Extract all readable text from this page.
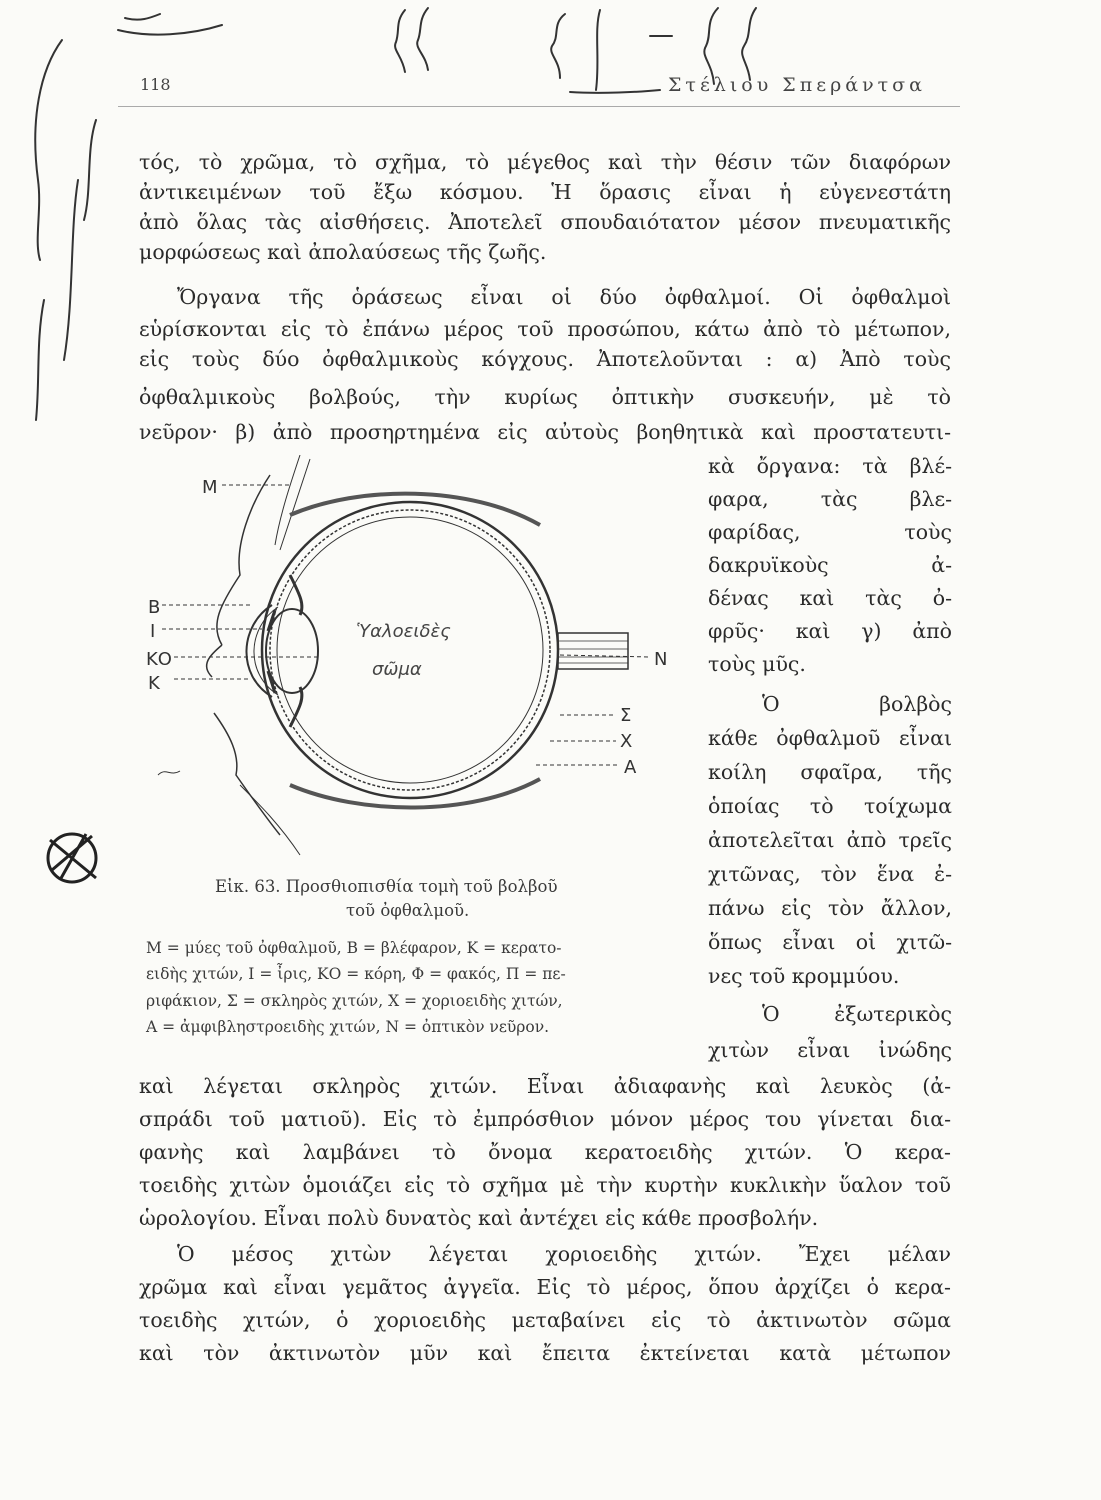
118	Στέλιου Σπεράντσα
τός, τὸ χρῶμα, τὸ σχῆμα, τὸ μέγεθος καὶ τὴν θέσιν τῶν διαφόρων
ἀντικειμένων τοῦ ἔξω κόσμου. Ἡ ὅρασις εἶναι ἡ εὐγενεστάτη
ἀπὸ ὅλας τὰς αἰσθήσεις. Ἀποτελεῖ σπουδαιότατον μέσον πνευματικῆς
μορφώσεως καὶ ἀπολαύσεως τῆς ζωῆς.
Ὄργανα τῆς ὁράσεως εἶναι οἱ δύο ὀφθαλμοί. Οἱ ὀφθαλμοὶ
εὑρίσκονται εἰς τὸ ἐπάνω μέρος τοῦ προσώπου, κάτω ἀπὸ τὸ μέτωπον,
εἰς τοὺς δύο ὀφθαλμικοὺς κόγχους. Ἀποτελοῦνται : α) Ἀπὸ τοὺς
ὀφθαλμικοὺς βολβούς, τὴν κυρίως ὀπτικὴν συσκευήν, μὲ τὸ
νεῦρον· β) ἀπὸ προσηρτημένα εἰς αὐτοὺς βοηθητικὰ καὶ προστατευτι-
κὰ ὄργανα: τὰ βλέ-
φαρα, τὰς βλε-
φαρίδας, τοὺς
δακρυϊκοὺς ἀ-
δένας καὶ τὰς ὀ-
φρῦς· καὶ γ) ἀπὸ
τοὺς μῦς.
Ὁ βολβὸς
κάθε ὀφθαλμοῦ εἶναι
κοίλη σφαῖρα, τῆς
ὁποίας τὸ τοίχωμα
ἀποτελεῖται ἀπὸ τρεῖς
χιτῶνας, τὸν ἕνα ἐ-
πάνω εἰς τὸν ἄλλον,
ὅπως εἶναι οἱ χιτῶ-
νες τοῦ κρομμύου.
Ὁ ἐξωτερικὸς
χιτὼν εἶναι ἰνώδης
καὶ λέγεται σκληρὸς χιτών. Εἶναι ἀδιαφανὴς καὶ λευκὸς (ἀ-
σπράδι τοῦ ματιοῦ). Εἰς τὸ ἐμπρόσθιον μόνον μέρος του γίνεται δια-
φανὴς καὶ λαμβάνει τὸ ὄνομα κερατοειδὴς χιτών. Ὁ κερα-
τοειδὴς χιτὼν ὁμοιάζει εἰς τὸ σχῆμα μὲ τὴν κυρτὴν κυκλικὴν ὕαλον τοῦ
ὡρολογίου. Εἶναι πολὺ δυνατὸς καὶ ἀντέχει εἰς κάθε προσβολήν.
Ὁ μέσος χιτὼν λέγεται χοριοειδὴς χιτών. Ἔχει μέλαν
χρῶμα καὶ εἶναι γεμᾶτος ἀγγεῖα. Εἰς τὸ μέρος, ὅπου ἀρχίζει ὁ κερα-
τοειδὴς χιτών, ὁ χοριοειδὴς μεταβαίνει εἰς τὸ ἀκτινωτὸν σῶμα
καὶ τὸν ἀκτινωτὸν μῦν καὶ ἔπειτα ἐκτείνεται κατὰ μέτωπον
Μ
Β
Ι
ΚΟ
Κ
Ν
Σ
Χ
Α
Ὑαλοειδὲς
σῶμα
Εἰκ. 63. Προσθιοπισθία τομὴ τοῦ βολβοῦ
τοῦ ὀφθαλμοῦ.
Μ = μύες τοῦ ὀφθαλμοῦ, Β = βλέφαρον, Κ = κερατο-
ειδὴς χιτών, Ι = ἶρις, ΚΟ = κόρη, Φ = φακός, Π = πε-
ριφάκιον, Σ = σκληρὸς χιτών, Χ = χοριοειδὴς χιτών,
Α = ἀμφιβληστροειδὴς χιτών, Ν = ὀπτικὸν νεῦρον.
